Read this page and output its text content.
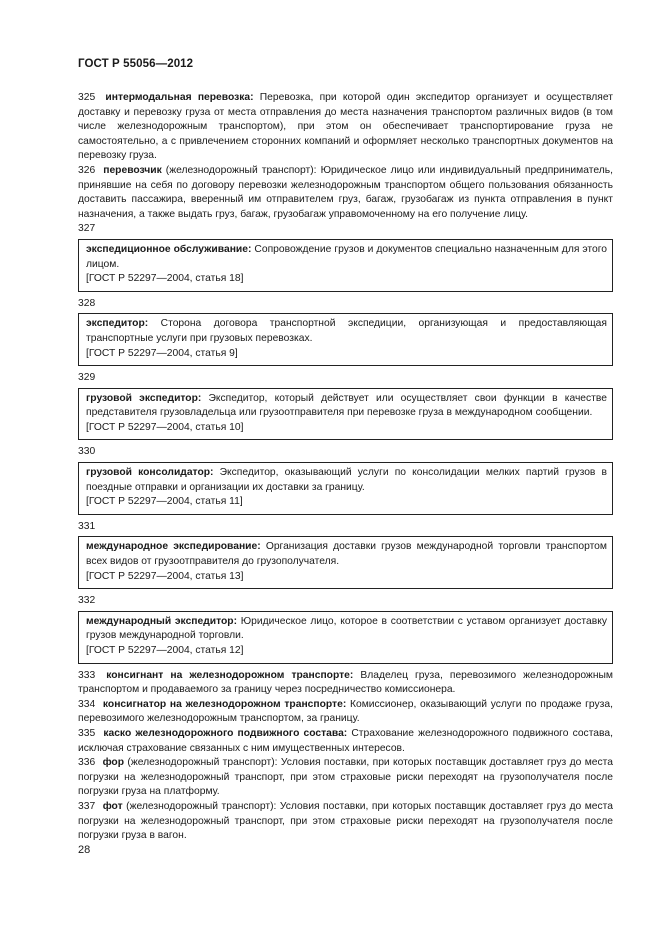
ГОСТ Р 55056—2012

325 интермодальная перевозка: Перевозка, при которой один экспедитор организует и осуществляет доставку и перевозку груза от места отправления до места назначения транспортом различных видов (в том числе железнодорожным транспортом), при этом он обеспечивает транспортирование груза не самостоятельно, а с привлечением сторонних компаний и оформляет несколько транспортных документов на перевозку груза.

326 перевозчик (железнодорожный транспорт): Юридическое лицо или индивидуальный предприниматель, принявшие на себя по договору перевозки железнодорожным транспортом общего пользования обязанность доставить пассажира, вверенный им отправителем груз, багаж, грузобагаж из пункта отправления в пункт назначения, а также выдать груз, багаж, грузобагаж управомоченному на его получение лицу.

327

экспедиционное обслуживание: Сопровождение грузов и документов специально назначенным для этого лицом.

[ГОСТ Р 52297—2004, статья 18]

328

экспедитор: Сторона договора транспортной экспедиции, организующая и предоставляющая транспортные услуги при грузовых перевозках.

[ГОСТ Р 52297—2004, статья 9]

329

грузовой экспедитор: Экспедитор, который действует или осуществляет свои функции в качестве представителя грузовладельца или грузоотправителя при перевозке груза в международном сообщении.

[ГОСТ Р 52297—2004, статья 10]

330

грузовой консолидатор: Экспедитор, оказывающий услуги по консолидации мелких партий грузов в поездные отправки и организации их доставки за границу.

[ГОСТ Р 52297—2004, статья 11]

331

международное экспедирование: Организация доставки грузов международной торговли транспортом всех видов от грузоотправителя до грузополучателя.

[ГОСТ Р 52297—2004, статья 13]

332

международный экспедитор: Юридическое лицо, которое в соответствии с уставом организует доставку грузов международной торговли.

[ГОСТ Р 52297—2004, статья 12]

333 консигнант на железнодорожном транспорте: Владелец груза, перевозимого железнодорожным транспортом и продаваемого за границу через посредничество комиссионера.

334 консигнатор на железнодорожном транспорте: Комиссионер, оказывающий услуги по продаже груза, перевозимого железнодорожным транспортом, за границу.

335 каско железнодорожного подвижного состава: Страхование железнодорожного подвижного состава, исключая страхование связанных с ним имущественных интересов.

336 фор (железнодорожный транспорт): Условия поставки, при которых поставщик доставляет груз до места погрузки на железнодорожный транспорт, при этом страховые риски переходят на грузополучателя после погрузки груза на платформу.

337 фот (железнодорожный транспорт): Условия поставки, при которых поставщик доставляет груз до места погрузки на железнодорожный транспорт, при этом страховые риски переходят на грузополучателя после погрузки груза в вагон.

28
